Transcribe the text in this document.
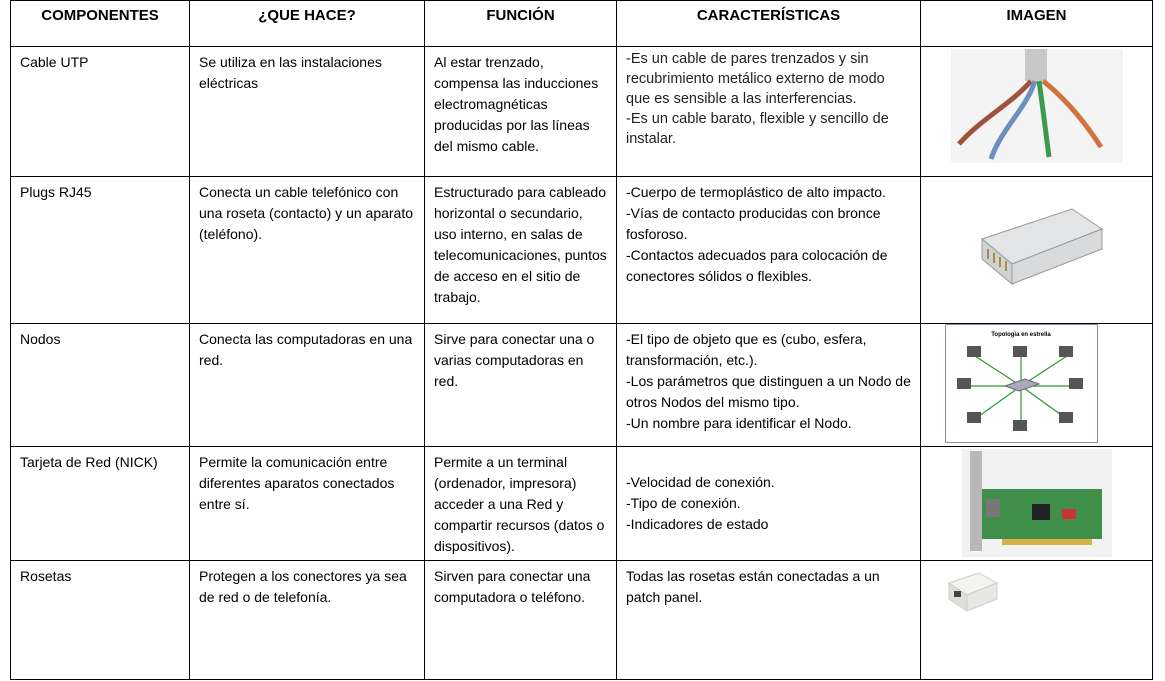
COMPONENTES	¿QUE HACE?	FUNCIÓN	CARACTERÍSTICAS	IMAGEN
Cable UTP	Se utiliza en las instalaciones eléctricas	Al estar trenzado, compensa las inducciones electromagnéticas producidas por las líneas del mismo cable.	-Es un cable de pares trenzados y sin recubrimiento metálico externo de modo que es sensible a las interferencias.
-Es un cable barato, flexible y sencillo de instalar.

Plugs RJ45	Conecta un cable telefónico con una roseta (contacto) y un aparato (teléfono).	Estructurado para cableado horizontal o secundario, uso interno, en salas de telecomunicaciones, puntos de acceso en el sitio de trabajo.	-Cuerpo de termoplástico de alto impacto.
-Vías de contacto producidas con bronce fosforoso.
-Contactos adecuados para colocación de conectores sólidos o flexibles.

Nodos	Conecta las computadoras en una red.	Sirve para conectar una o varias computadoras en red.	-El tipo de objeto que es (cubo, esfera, transformación, etc.).
-Los parámetros que distinguen a un Nodo de otros Nodos del mismo tipo.
-Un nombre para identificar el Nodo.	Topologia en estrella

Tarjeta de Red (NICK)	Permite la comunicación entre diferentes aparatos conectados entre sí.	Permite a un terminal (ordenador, impresora) acceder a una Red y compartir recursos (datos o dispositivos).	-Velocidad de conexión.
-Tipo de conexión.
-Indicadores de estado

Rosetas	Protegen a los conectores ya sea de red o de telefonía.	Sirven para conectar una computadora o teléfono.	Todas las rosetas están conectadas a un patch panel.
